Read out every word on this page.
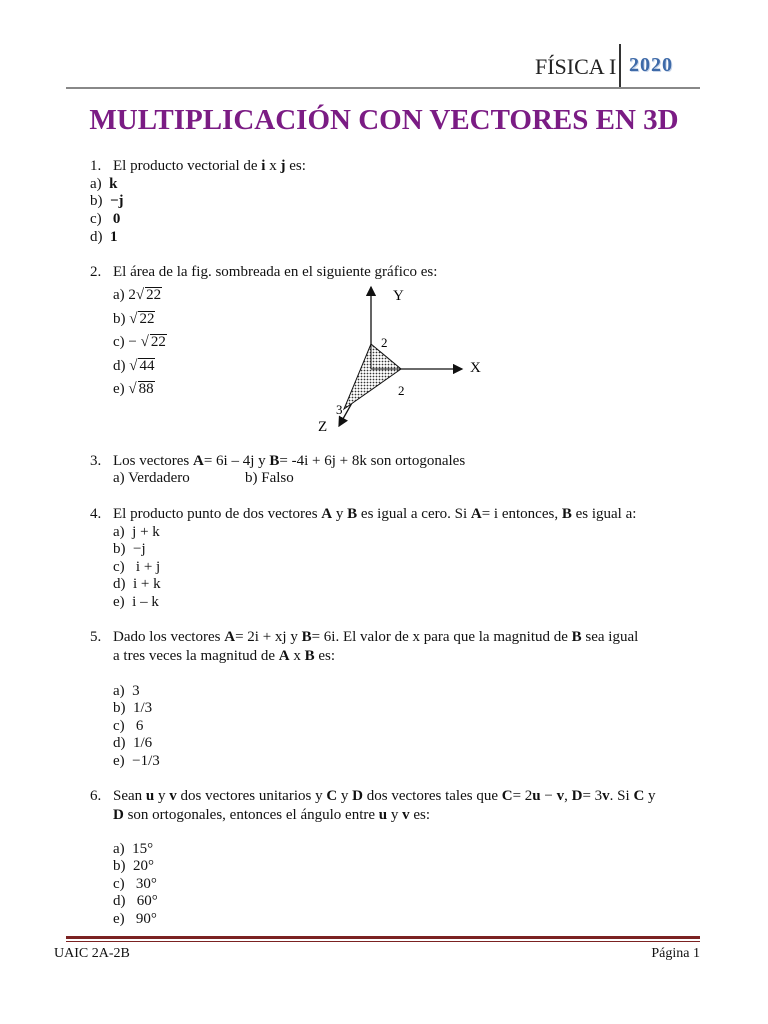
FÍSICA I 2020
MULTIPLICACIÓN CON VECTORES EN 3D
1. El producto vectorial de i x j es:
a) k
b) −j
c) 0
d) 1
2. El área de la fig. sombreada en el siguiente gráfico es:
a) 2√ 22
b) √ 22
c) − √ 22
d) √ 44
e) √ 88
Y
X
Z
2
2
3
3. Los vectores A= 6i – 4j y B= -4i + 6j + 8k son ortogonales
a) Verdadero	b) Falso
4. El producto punto de dos vectores A y B es igual a cero. Si A= i entonces, B es igual a:
a) j + k
b) −j
c) i + j
d) i + k
e) i – k
5. Dado los vectores A= 2i + xj y B= 6i. El valor de x para que la magnitud de B sea igual
a tres veces la magnitud de A x B es:
a) 3
b) 1/3
c) 6
d) 1/6
e) −1/3
6. Sean u y v dos vectores unitarios y C y D dos vectores tales que C= 2u − v, D= 3v. Si C y
D son ortogonales, entonces el ángulo entre u y v es:
a) 15°
b) 20°
c) 30°
d)   60°
e)   90°
UAIC 2A-2B	Página 1
